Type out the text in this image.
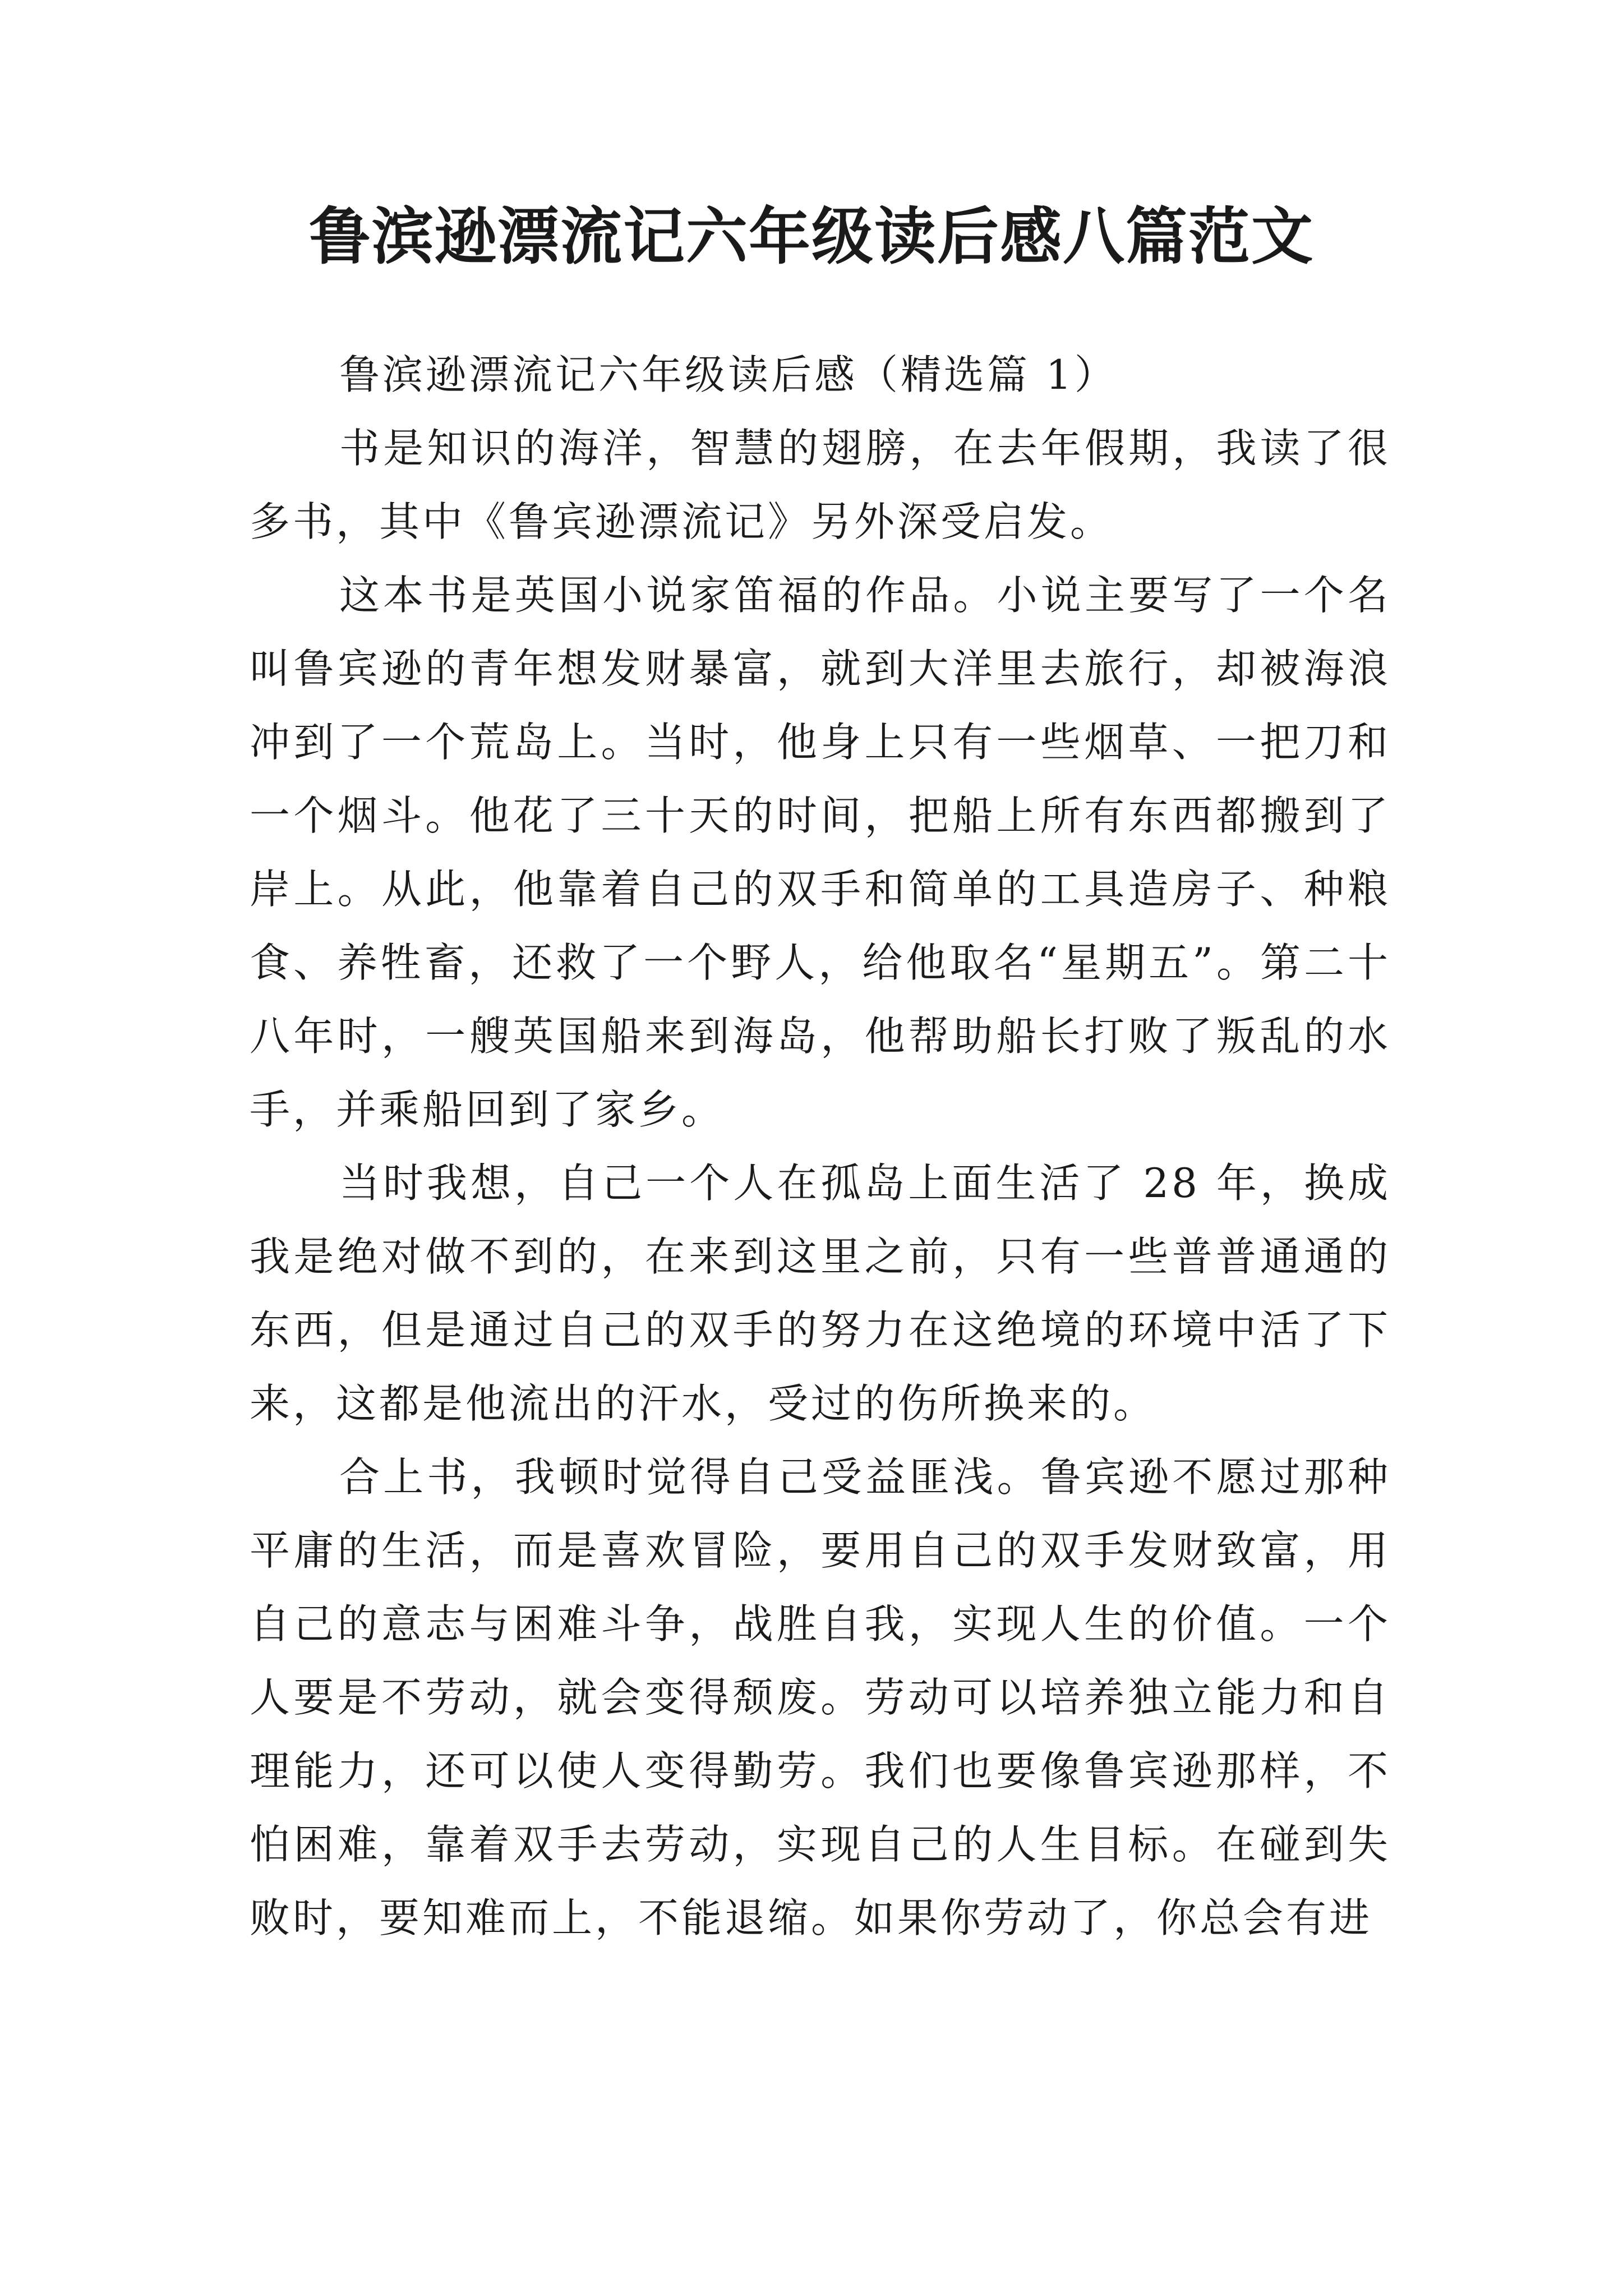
鲁滨逊漂流记六年级读后感八篇范文

鲁滨逊漂流记六年级读后感（精选篇 1）

书是知识的海洋，智慧的翅膀，在去年假期，我读了很多书，其中《鲁宾逊漂流记》另外深受启发。

这本书是英国小说家笛福的作品。小说主要写了一个名叫鲁宾逊的青年想发财暴富，就到大洋里去旅行，却被海浪冲到了一个荒岛上。当时，他身上只有一些烟草、一把刀和一个烟斗。他花了三十天的时间，把船上所有东西都搬到了岸上。从此，他靠着自己的双手和简单的工具造房子、种粮食、养牲畜，还救了一个野人，给他取名“星期五”。第二十八年时，一艘英国船来到海岛，他帮助船长打败了叛乱的水手，并乘船回到了家乡。

当时我想，自己一个人在孤岛上面生活了 28 年，换成我是绝对做不到的，在来到这里之前，只有一些普普通通的东西，但是通过自己的双手的努力在这绝境的环境中活了下来，这都是他流出的汗水，受过的伤所换来的。

合上书，我顿时觉得自己受益匪浅。鲁宾逊不愿过那种平庸的生活，而是喜欢冒险，要用自己的双手发财致富，用自己的意志与困难斗争，战胜自我，实现人生的价值。一个人要是不劳动，就会变得颓废。劳动可以培养独立能力和自理能力，还可以使人变得勤劳。我们也要像鲁宾逊那样，不怕困难，靠着双手去劳动，实现自己的人生目标。在碰到失败时，要知难而上，不能退缩。如果你劳动了，你总会有进
